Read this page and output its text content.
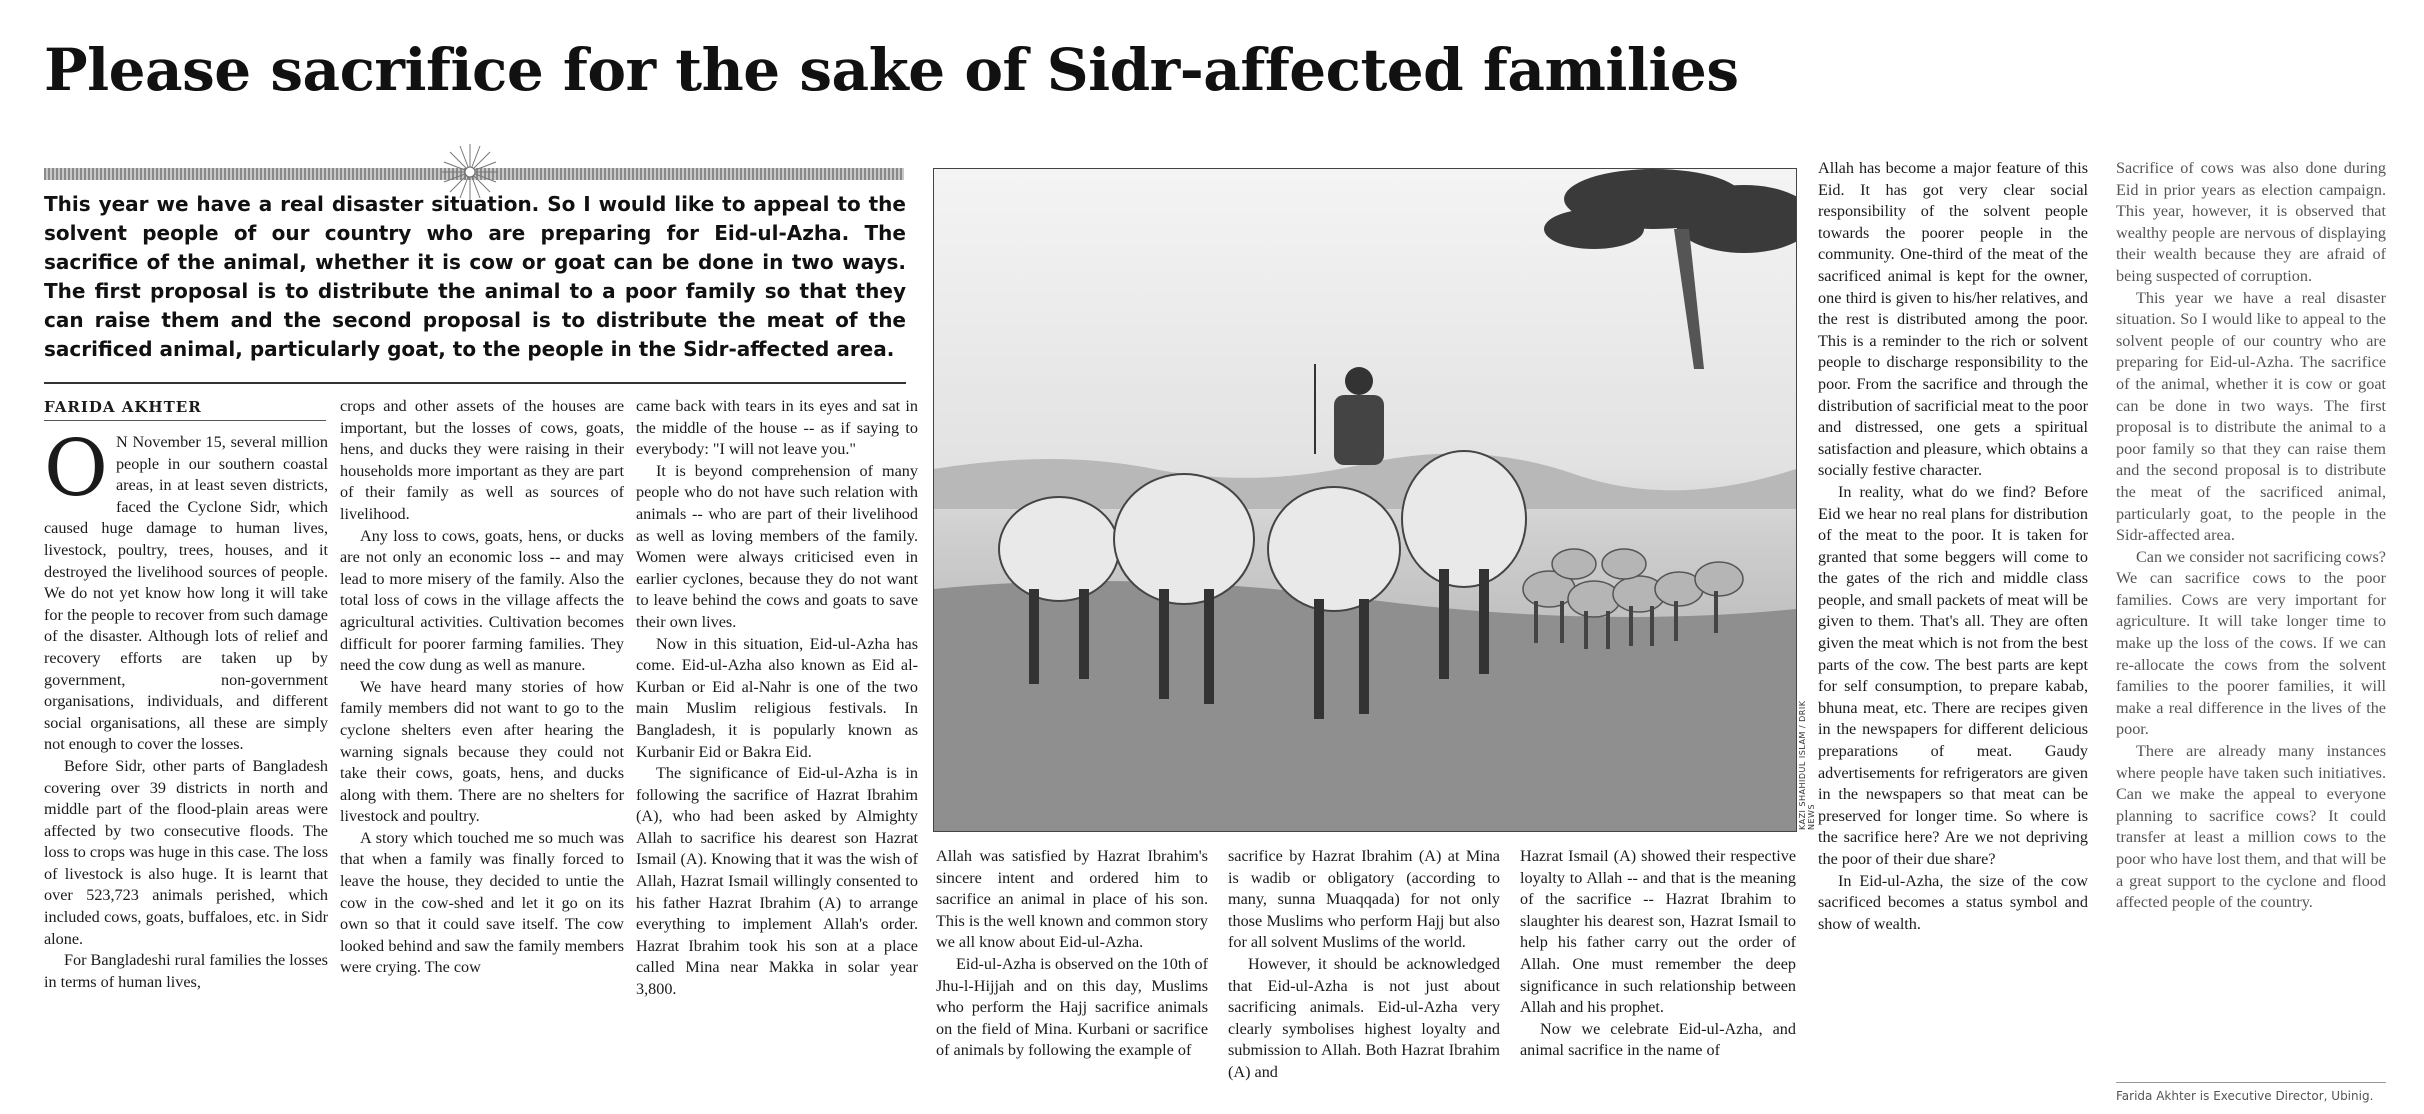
Please sacrifice for the sake of Sidr-affected families

This year we have a real disaster situation. So I would like to appeal to the solvent people of our country who are preparing for Eid-ul-Azha. The sacrifice of the animal, whether it is cow or goat can be done in two ways. The first proposal is to distribute the animal to a poor family so that they can raise them and the second proposal is to distribute the meat of the sacrificed animal, particularly goat, to the people in the Sidr-affected area.

FARIDA AKHTER

O N November 15, several million people in our southern coastal areas, in at least seven districts, faced the Cyclone Sidr, which caused huge damage to human lives, livestock, poultry, trees, houses, and it destroyed the livelihood sources of people. We do not yet know how long it will take for the people to recover from such damage of the disaster. Although lots of relief and recovery efforts are taken up by government, non-government organisations, individuals, and different social organisations, all these are simply not enough to cover the losses.

Before Sidr, other parts of Bangladesh covering over 39 districts in north and middle part of the flood-plain areas were affected by two consecutive floods. The loss to crops was huge in this case. The loss of livestock is also huge. It is learnt that over 523,723 animals perished, which included cows, goats, buffaloes, etc. in Sidr alone.

For Bangladeshi rural families the losses in terms of human lives,

crops and other assets of the houses are important, but the losses of cows, goats, hens, and ducks they were raising in their households more important as they are part of their family as well as sources of livelihood.

Any loss to cows, goats, hens, or ducks are not only an economic loss -- and may lead to more misery of the family. Also the total loss of cows in the village affects the agricultural activities. Cultivation becomes difficult for poorer farming families. They need the cow dung as well as manure.

We have heard many stories of how family members did not want to go to the cyclone shelters even after hearing the warning signals because they could not take their cows, goats, hens, and ducks along with them. There are no shelters for livestock and poultry.

A story which touched me so much was that when a family was finally forced to leave the house, they decided to untie the cow in the cow-shed and let it go on its own so that it could save itself. The cow looked behind and saw the family members were crying. The cow

came back with tears in its eyes and sat in the middle of the house -- as if saying to everybody: "I will not leave you."

It is beyond comprehension of many people who do not have such relation with animals -- who are part of their livelihood as well as loving members of the family. Women were always criticised even in earlier cyclones, because they do not want to leave behind the cows and goats to save their own lives.

Now in this situation, Eid-ul-Azha has come. Eid-ul-Azha also known as Eid al-Kurban or Eid al-Nahr is one of the two main Muslim religious festivals. In Bangladesh, it is popularly known as Kurbanir Eid or Bakra Eid.

The significance of Eid-ul-Azha is in following the sacrifice of Hazrat Ibrahim (A), who had been asked by Almighty Allah to sacrifice his dearest son Hazrat Ismail (A). Knowing that it was the wish of Allah, Hazrat Ismail willingly consented to his father Hazrat Ibrahim (A) to arrange everything to implement Allah's order. Hazrat Ibrahim took his son at a place called Mina near Makka in solar year 3,800.

KAZI SHAHIDUL ISLAM / DRIK NEWS

Allah was satisfied by Hazrat Ibrahim's sincere intent and ordered him to sacrifice an animal in place of his son. This is the well known and common story we all know about Eid-ul-Azha.

Eid-ul-Azha is observed on the 10th of Jhu-l-Hijjah and on this day, Muslims who perform the Hajj sacrifice animals on the field of Mina. Kurbani or sacrifice of animals by following the example of

sacrifice by Hazrat Ibrahim (A) at Mina is wadib or obligatory (according to many, sunna Muaqqada) for not only those Muslims who perform Hajj but also for all solvent Muslims of the world.

However, it should be acknowledged that Eid-ul-Azha is not just about sacrificing animals. Eid-ul-Azha very clearly symbolises highest loyalty and submission to Allah. Both Hazrat Ibrahim (A) and

Hazrat Ismail (A) showed their respective loyalty to Allah -- and that is the meaning of the sacrifice -- Hazrat Ibrahim to slaughter his dearest son, Hazrat Ismail to help his father carry out the order of Allah. One must remember the deep significance in such relationship between Allah and his prophet.

Now we celebrate Eid-ul-Azha, and animal sacrifice in the name of

Allah has become a major feature of this Eid. It has got very clear social responsibility of the solvent people towards the poorer people in the community. One-third of the meat of the sacrificed animal is kept for the owner, one third is given to his/her relatives, and the rest is distributed among the poor. This is a reminder to the rich or solvent people to discharge responsibility to the poor. From the sacrifice and through the distribution of sacrificial meat to the poor and distressed, one gets a spiritual satisfaction and pleasure, which obtains a socially festive character.

In reality, what do we find? Before Eid we hear no real plans for distribution of the meat to the poor. It is taken for granted that some beggers will come to the gates of the rich and middle class people, and small packets of meat will be given to them. That's all. They are often given the meat which is not from the best parts of the cow. The best parts are kept for self consumption, to prepare kabab, bhuna meat, etc. There are recipes given in the newspapers for different delicious preparations of meat. Gaudy advertisements for refrigerators are given in the newspapers so that meat can be preserved for longer time. So where is the sacrifice here? Are we not depriving the poor of their due share?

In Eid-ul-Azha, the size of the cow sacrificed becomes a status symbol and show of wealth.

Sacrifice of cows was also done during Eid in prior years as election campaign. This year, however, it is observed that wealthy people are nervous of displaying their wealth because they are afraid of being suspected of corruption.

This year we have a real disaster situation. So I would like to appeal to the solvent people of our country who are preparing for Eid-ul-Azha. The sacrifice of the animal, whether it is cow or goat can be done in two ways. The first proposal is to distribute the animal to a poor family so that they can raise them and the second proposal is to distribute the meat of the sacrificed animal, particularly goat, to the people in the Sidr-affected area.

Can we consider not sacrificing cows? We can sacrifice cows to the poor families. Cows are very important for agriculture. It will take longer time to make up the loss of the cows. If we can re-allocate the cows from the solvent families to the poorer families, it will make a real difference in the lives of the poor.

There are already many instances where people have taken such initiatives. Can we make the appeal to everyone planning to sacrifice cows? It could transfer at least a million cows to the poor who have lost them, and that will be a great support to the cyclone and flood affected people of the country.

Farida Akhter is Executive Director, Ubinig.
